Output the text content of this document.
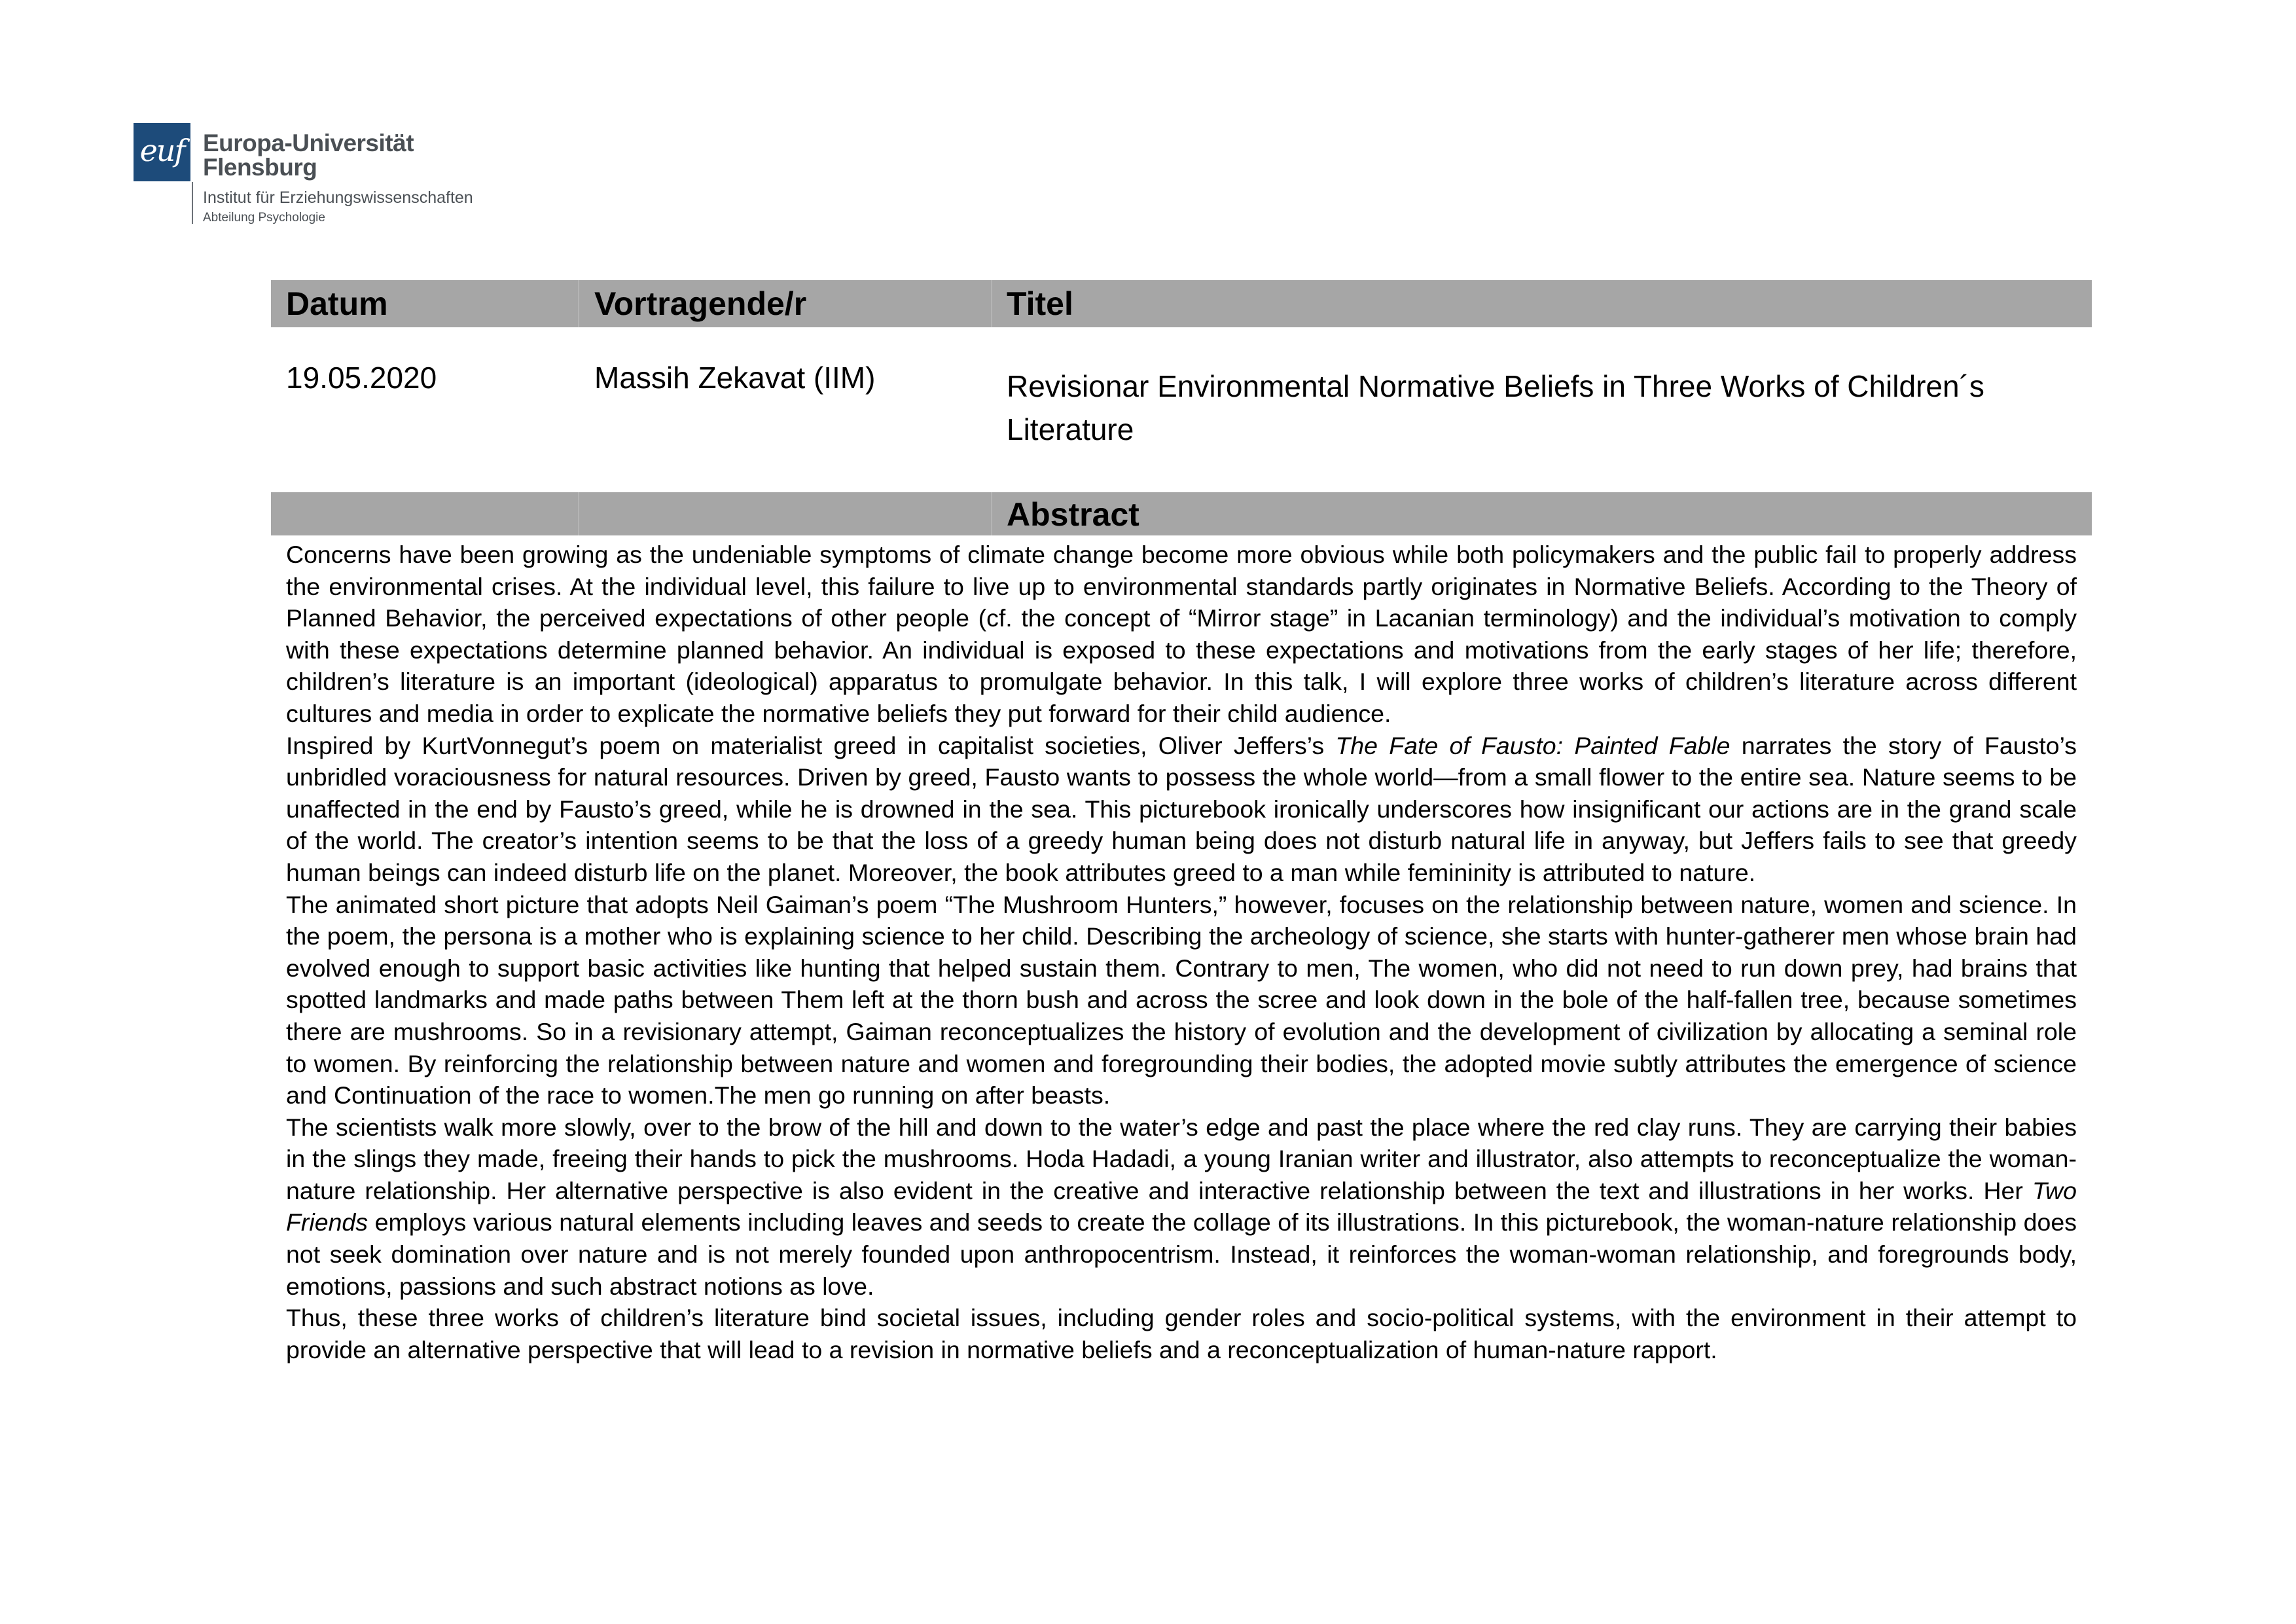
euf Europa-Universität
Flensburg
Institut für Erziehungswissenschaften
Abteilung Psychologie
Datum	Vortragende/r	Titel
19.05.2020	Massih Zekavat (IIM)	Revisionar Environmental Normative Beliefs in Three Works of Children´s
Literature
Abstract

Concerns have been growing as the undeniable symptoms of climate change become more obvious while both policymakers and the public fail to properly address the environmental crises. At the individual level, this failure to live up to environmental standards partly originates in Normative Beliefs. According to the Theory of Planned Behavior, the perceived expectations of other people (cf. the concept of “Mirror stage” in Lacanian terminology) and the individual’s motivation to comply with these expectations determine planned behavior. An individual is exposed to these expectations and motivations from the early stages of her life; therefore, children’s literature is an important (ideological) apparatus to promulgate behavior. In this talk, I will explore three works of children’s literature across different cultures and media in order to explicate the normative beliefs they put forward for their child audience.

Inspired by KurtVonnegut’s poem on materialist greed in capitalist societies, Oliver Jeffers’s The Fate of Fausto: Painted Fable narrates the story of Fausto’s unbridled voraciousness for natural resources. Driven by greed, Fausto wants to possess the whole world—from a small flower to the entire sea. Nature seems to be unaffected in the end by Fausto’s greed, while he is drowned in the sea. This picturebook ironically underscores how insignificant our actions are in the grand scale of the world. The creator’s intention seems to be that the loss of a greedy human being does not disturb natural life in anyway, but Jeffers fails to see that greedy human beings can indeed disturb life on the planet. Moreover, the book attributes greed to a man while femininity is attributed to nature.

The animated short picture that adopts Neil Gaiman’s poem “The Mushroom Hunters,” however, focuses on the relationship between nature, women and science. In the poem, the persona is a mother who is explaining science to her child. Describing the archeology of science, she starts with hunter-gatherer men whose brain had evolved enough to support basic activities like hunting that helped sustain them. Contrary to men, The women, who did not need to run down prey, had brains that spotted landmarks and made paths between Them left at the thorn bush and across the scree and look down in the bole of the half-fallen tree, because sometimes there are mushrooms. So in a revisionary attempt, Gaiman reconceptualizes the history of evolution and the development of civilization by allocating a seminal role to women. By reinforcing the relationship between nature and women and foregrounding their bodies, the adopted movie subtly attributes the emergence of science and Continuation of the race to women.The men go running on after beasts.

The scientists walk more slowly, over to the brow of the hill and down to the water’s edge and past the place where the red clay runs. They are carrying their babies in the slings they made, freeing their hands to pick the mushrooms. Hoda Hadadi, a young Iranian writer and illustrator, also attempts to reconceptualize the woman-nature relationship. Her alternative perspective is also evident in the creative and interactive relationship between the text and illustrations in her works. Her Two Friends employs various natural elements including leaves and seeds to create the collage of its illustrations. In this picturebook, the woman-nature relationship does not seek domination over nature and is not merely founded upon anthropocentrism. Instead, it reinforces the woman-woman relationship, and foregrounds body, emotions, passions and such abstract notions as love.

Thus, these three works of children’s literature bind societal issues, including gender roles and socio-political systems, with the environment in their attempt to provide an alternative perspective that will lead to a revision in normative beliefs and a reconceptualization of human-nature rapport.
